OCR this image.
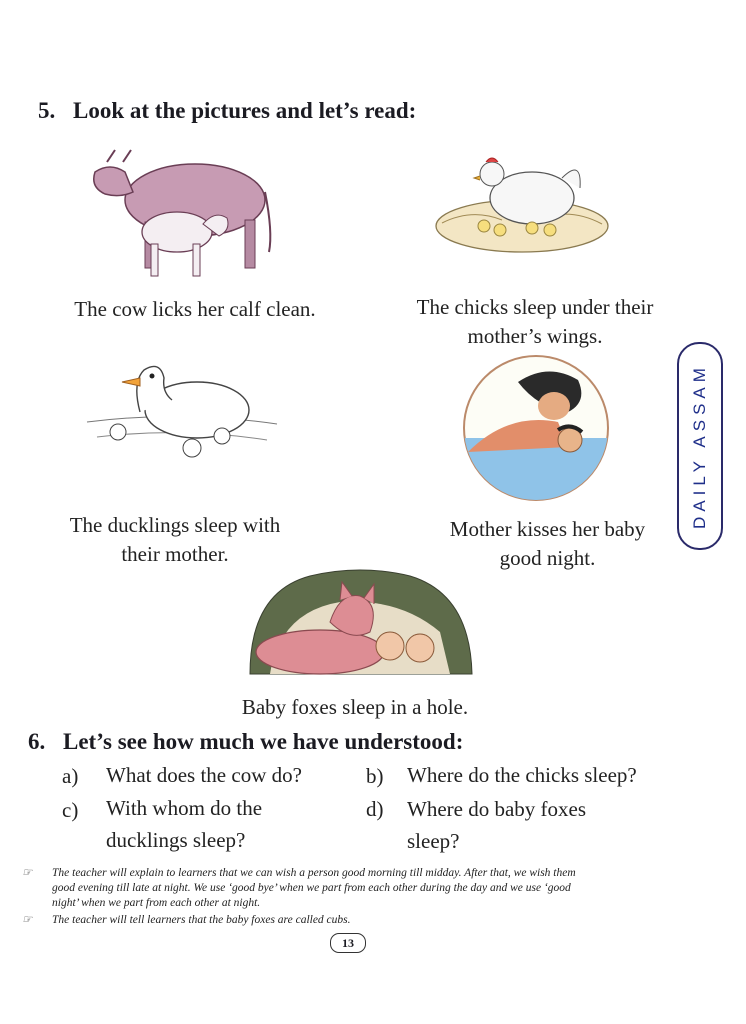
5. Look at the pictures and let’s read:
The cow licks her calf clean.	The chicks sleep under their
mother’s wings.
The ducklings sleep with
their mother.
Mother kisses her baby
good night.
Baby foxes sleep in a hole.
DAILY ASSAM
6. Let’s see how much we have understood:
a) What does the cow do?	b) Where do the chicks sleep?
c) With whom do the
ducklings sleep?
d) Where do baby foxes
sleep?
☞ The teacher will explain to learners that we can wish a person good morning till midday. After that, we wish them
good evening till late at night. We use ‘good bye’ when we part from each other during the day and we use ‘good
night’ when we part from each other at night.
☞ The teacher will tell learners that the baby foxes are called cubs.
13
